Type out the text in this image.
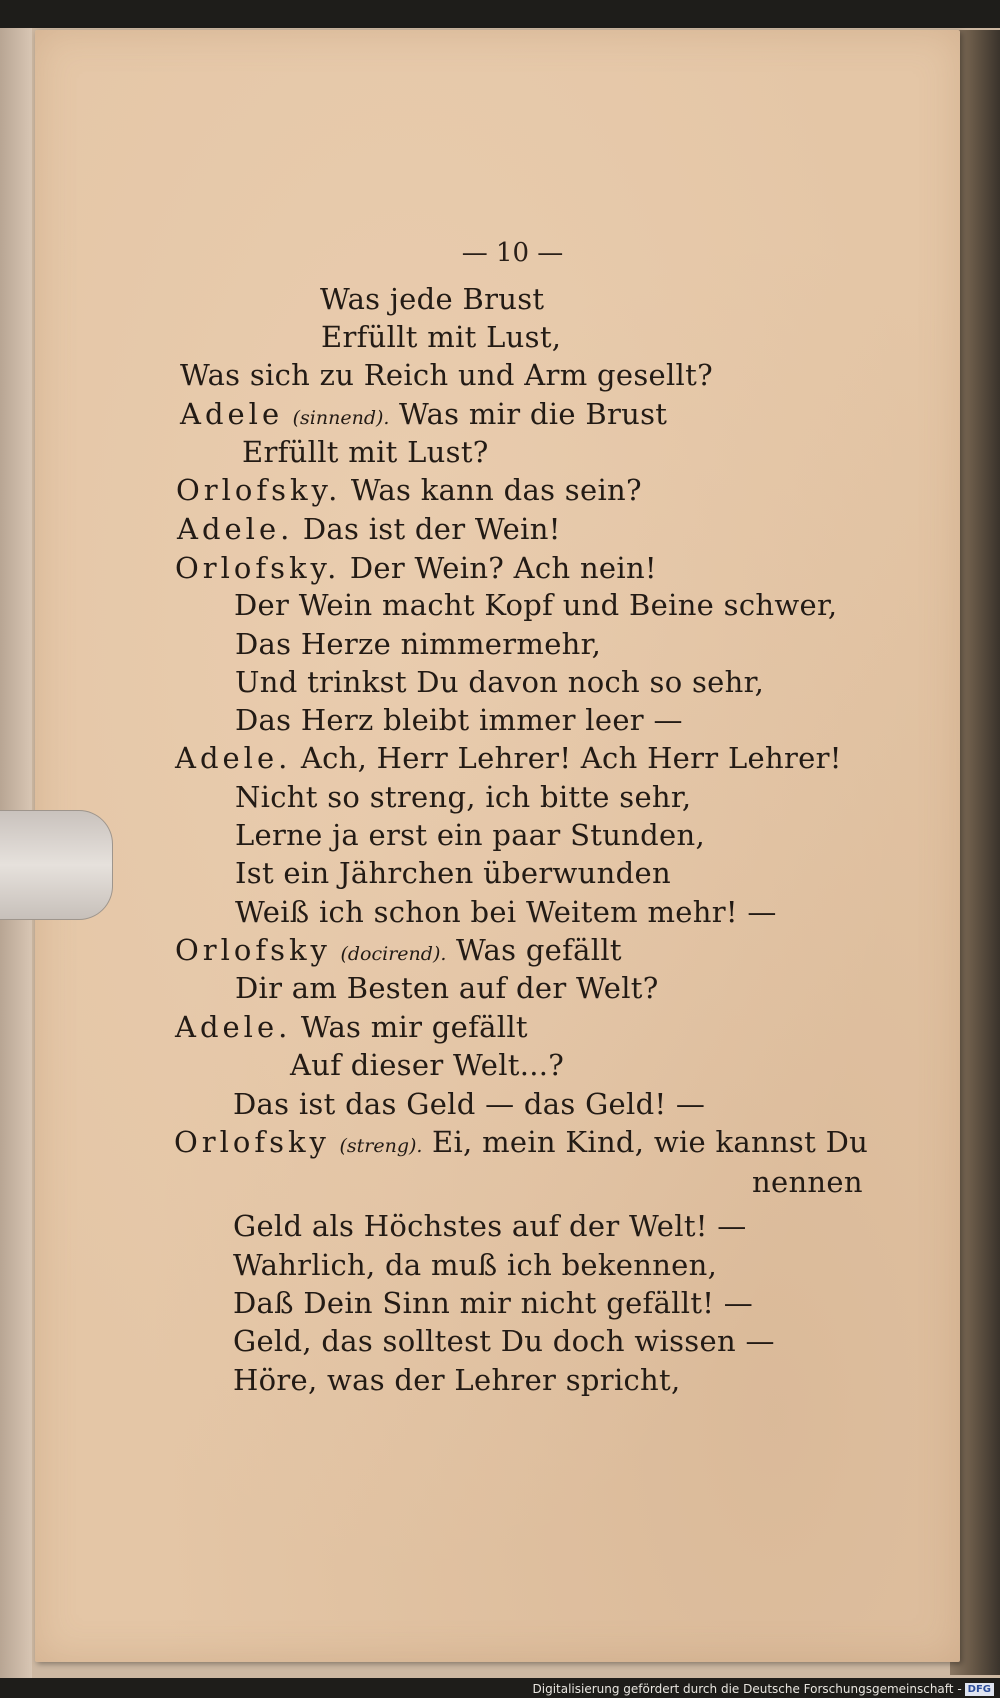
— 10 —
Was jede Brust
Erfüllt mit Lust,
Was sich zu Reich und Arm gesellt?
Adele (sinnend). Was mir die Brust
Erfüllt mit Lust?
Orlofsky. Was kann das sein?
Adele. Das ist der Wein!
Orlofsky. Der Wein? Ach nein!
Der Wein macht Kopf und Beine schwer,
Das Herze nimmermehr,
Und trinkst Du davon noch so sehr,
Das Herz bleibt immer leer —
Adele. Ach, Herr Lehrer! Ach Herr Lehrer!
Nicht so streng, ich bitte sehr,
Lerne ja erst ein paar Stunden,
Ist ein Jährchen überwunden
Weiß ich schon bei Weitem mehr! —
Orlofsky (docirend). Was gefällt
Dir am Besten auf der Welt?
Adele. Was mir gefällt
Auf dieser Welt...?
Das ist das Geld — das Geld! —
Orlofsky (streng). Ei, mein Kind, wie kannst Du
nennen
Geld als Höchstes auf der Welt! —
Wahrlich, da muß ich bekennen,
Daß Dein Sinn mir nicht gefällt! —
Geld, das solltest Du doch wissen —
Höre, was der Lehrer spricht,
Digitalisierung gefördert durch die Deutsche Forschungsgemeinschaft - DFG
